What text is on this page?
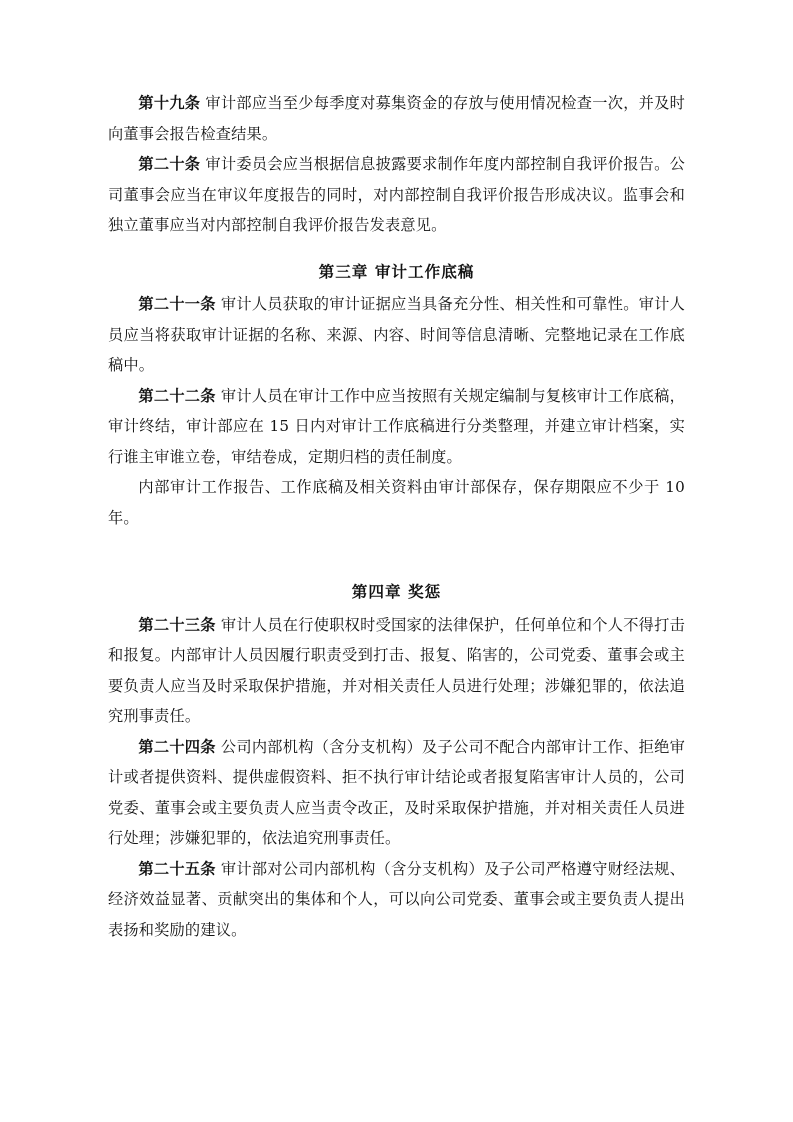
第十九条 审计部应当至少每季度对募集资金的存放与使用情况检查一次，并及时向董事会报告检查结果。

第二十条 审计委员会应当根据信息披露要求制作年度内部控制自我评价报告。公司董事会应当在审议年度报告的同时，对内部控制自我评价报告形成决议。监事会和独立董事应当对内部控制自我评价报告发表意见。

第三章 审计工作底稿

第二十一条 审计人员获取的审计证据应当具备充分性、相关性和可靠性。审计人员应当将获取审计证据的名称、来源、内容、时间等信息清晰、完整地记录在工作底稿中。

第二十二条 审计人员在审计工作中应当按照有关规定编制与复核审计工作底稿，审计终结，审计部应在 15 日内对审计工作底稿进行分类整理，并建立审计档案，实行谁主审谁立卷，审结卷成，定期归档的责任制度。

内部审计工作报告、工作底稿及相关资料由审计部保存，保存期限应不少于 10 年。

第四章 奖惩

第二十三条 审计人员在行使职权时受国家的法律保护，任何单位和个人不得打击和报复。内部审计人员因履行职责受到打击、报复、陷害的，公司党委、董事会或主要负责人应当及时采取保护措施，并对相关责任人员进行处理；涉嫌犯罪的，依法追究刑事责任。

第二十四条 公司内部机构（含分支机构）及子公司不配合内部审计工作、拒绝审计或者提供资料、提供虚假资料、拒不执行审计结论或者报复陷害审计人员的，公司党委、董事会或主要负责人应当责令改正，及时采取保护措施，并对相关责任人员进行处理；涉嫌犯罪的，依法追究刑事责任。

第二十五条 审计部对公司内部机构（含分支机构）及子公司严格遵守财经法规、经济效益显著、贡献突出的集体和个人，可以向公司党委、董事会或主要负责人提出表扬和奖励的建议。
